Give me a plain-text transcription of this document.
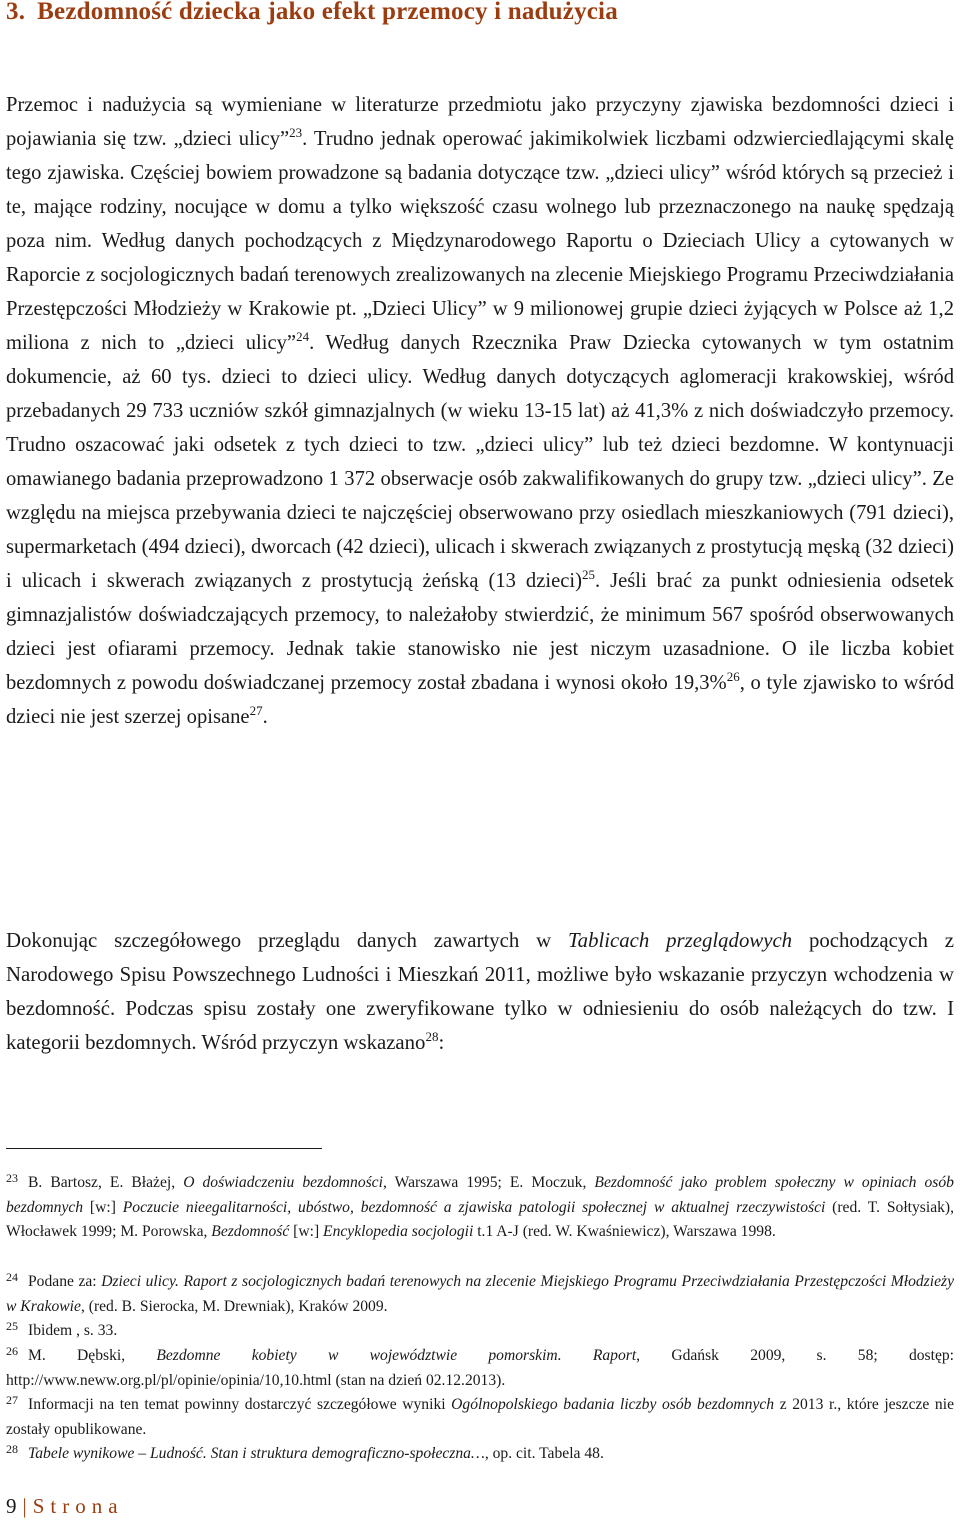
3. Bezdomność dziecka jako efekt przemocy i nadużycia

Przemoc i nadużycia są wymieniane w literaturze przedmiotu jako przyczyny zjawiska bezdomności dzieci i pojawiania się tzw. „dzieci ulicy”$^{23}$. Trudno jednak operować jakimikolwiek liczbami odzwierciedlającymi skalę tego zjawiska. Częściej bowiem prowadzone są badania dotyczące tzw. „dzieci ulicy” wśród których są przecież i te, mające rodziny, nocujące w domu a tylko większość czasu wolnego lub przeznaczonego na naukę spędzają poza nim. Według danych pochodzących z Międzynarodowego Raportu o Dzieciach Ulicy a cytowanych w Raporcie z socjologicznych badań terenowych zrealizowanych na zlecenie Miejskiego Programu Przeciwdziałania Przestępczości Młodzieży w Krakowie pt. „Dzieci Ulicy” w 9 milionowej grupie dzieci żyjących w Polsce aż 1,2 miliona z nich to „dzieci ulicy”$^{24}$. Według danych Rzecznika Praw Dziecka cytowanych w tym ostatnim dokumencie, aż 60 tys. dzieci to dzieci ulicy. Według danych dotyczących aglomeracji krakowskiej, wśród przebadanych 29 733 uczniów szkół gimnazjalnych (w wieku 13-15 lat) aż 41,3% z nich doświadczyło przemocy. Trudno oszacować jaki odsetek z tych dzieci to tzw. „dzieci ulicy” lub też dzieci bezdomne. W kontynuacji omawianego badania przeprowadzono 1 372 obserwacje osób zakwalifikowanych do grupy tzw. „dzieci ulicy”. Ze względu na miejsca przebywania dzieci te najczęściej obserwowano przy osiedlach mieszkaniowych (791 dzieci), supermarketach (494 dzieci), dworcach (42 dzieci), ulicach i skwerach związanych z prostytucją męską (32 dzieci) i ulicach i skwerach związanych z prostytucją żeńską (13 dzieci)$^{25}$. Jeśli brać za punkt odniesienia odsetek gimnazjalistów doświadczających przemocy, to należałoby stwierdzić, że minimum 567 spośród obserwowanych dzieci jest ofiarami przemocy. Jednak takie stanowisko nie jest niczym uzasadnione. O ile liczba kobiet bezdomnych z powodu doświadczanej przemocy został zbadana i wynosi około 19,3%$^{26}$, o tyle zjawisko to wśród dzieci nie jest szerzej opisane$^{27}$.

Dokonując szczegółowego przeglądu danych zawartych w Tablicach przeglądowych pochodzących z Narodowego Spisu Powszechnego Ludności i Mieszkań 2011, możliwe było wskazanie przyczyn wchodzenia w bezdomność. Podczas spisu zostały one zweryfikowane tylko w odniesieniu do osób należących do tzw. I kategorii bezdomnych. Wśród przyczyn wskazano$^{28}$:

$^{23}$ B. Bartosz, E. Błażej, O doświadczeniu bezdomności, Warszawa 1995; E. Moczuk, Bezdomność jako problem społeczny w opiniach osób bezdomnych [w:] Poczucie nieegalitarności, ubóstwo, bezdomność a zjawiska patologii społecznej w aktualnej rzeczywistości (red. T. Sołtysiak), Włocławek 1999; M. Porowska, Bezdomność [w:] Encyklopedia socjologii t.1 A-J (red. W. Kwaśniewicz), Warszawa 1998.

$^{24}$ Podane za: Dzieci ulicy. Raport z socjologicznych badań terenowych na zlecenie Miejskiego Programu Przeciwdziałania Przestępczości Młodzieży w Krakowie, (red. B. Sierocka, M. Drewniak), Kraków 2009.

$^{25}$ Ibidem , s. 33.

$^{26}$ M. Dębski, Bezdomne kobiety w województwie pomorskim. Raport, Gdańsk 2009, s. 58; dostęp: http://www.neww.org.pl/pl/opinie/opinia/10,10.html (stan na dzień 02.12.2013).

$^{27}$ Informacji na ten temat powinny dostarczyć szczegółowe wyniki Ogólnopolskiego badania liczby osób bezdomnych z 2013 r., które jeszcze nie zostały opublikowane.

$^{28}$ Tabele wynikowe – Ludność. Stan i struktura demograficzno-społeczna…, op. cit. Tabela 48.

9 | Strona
